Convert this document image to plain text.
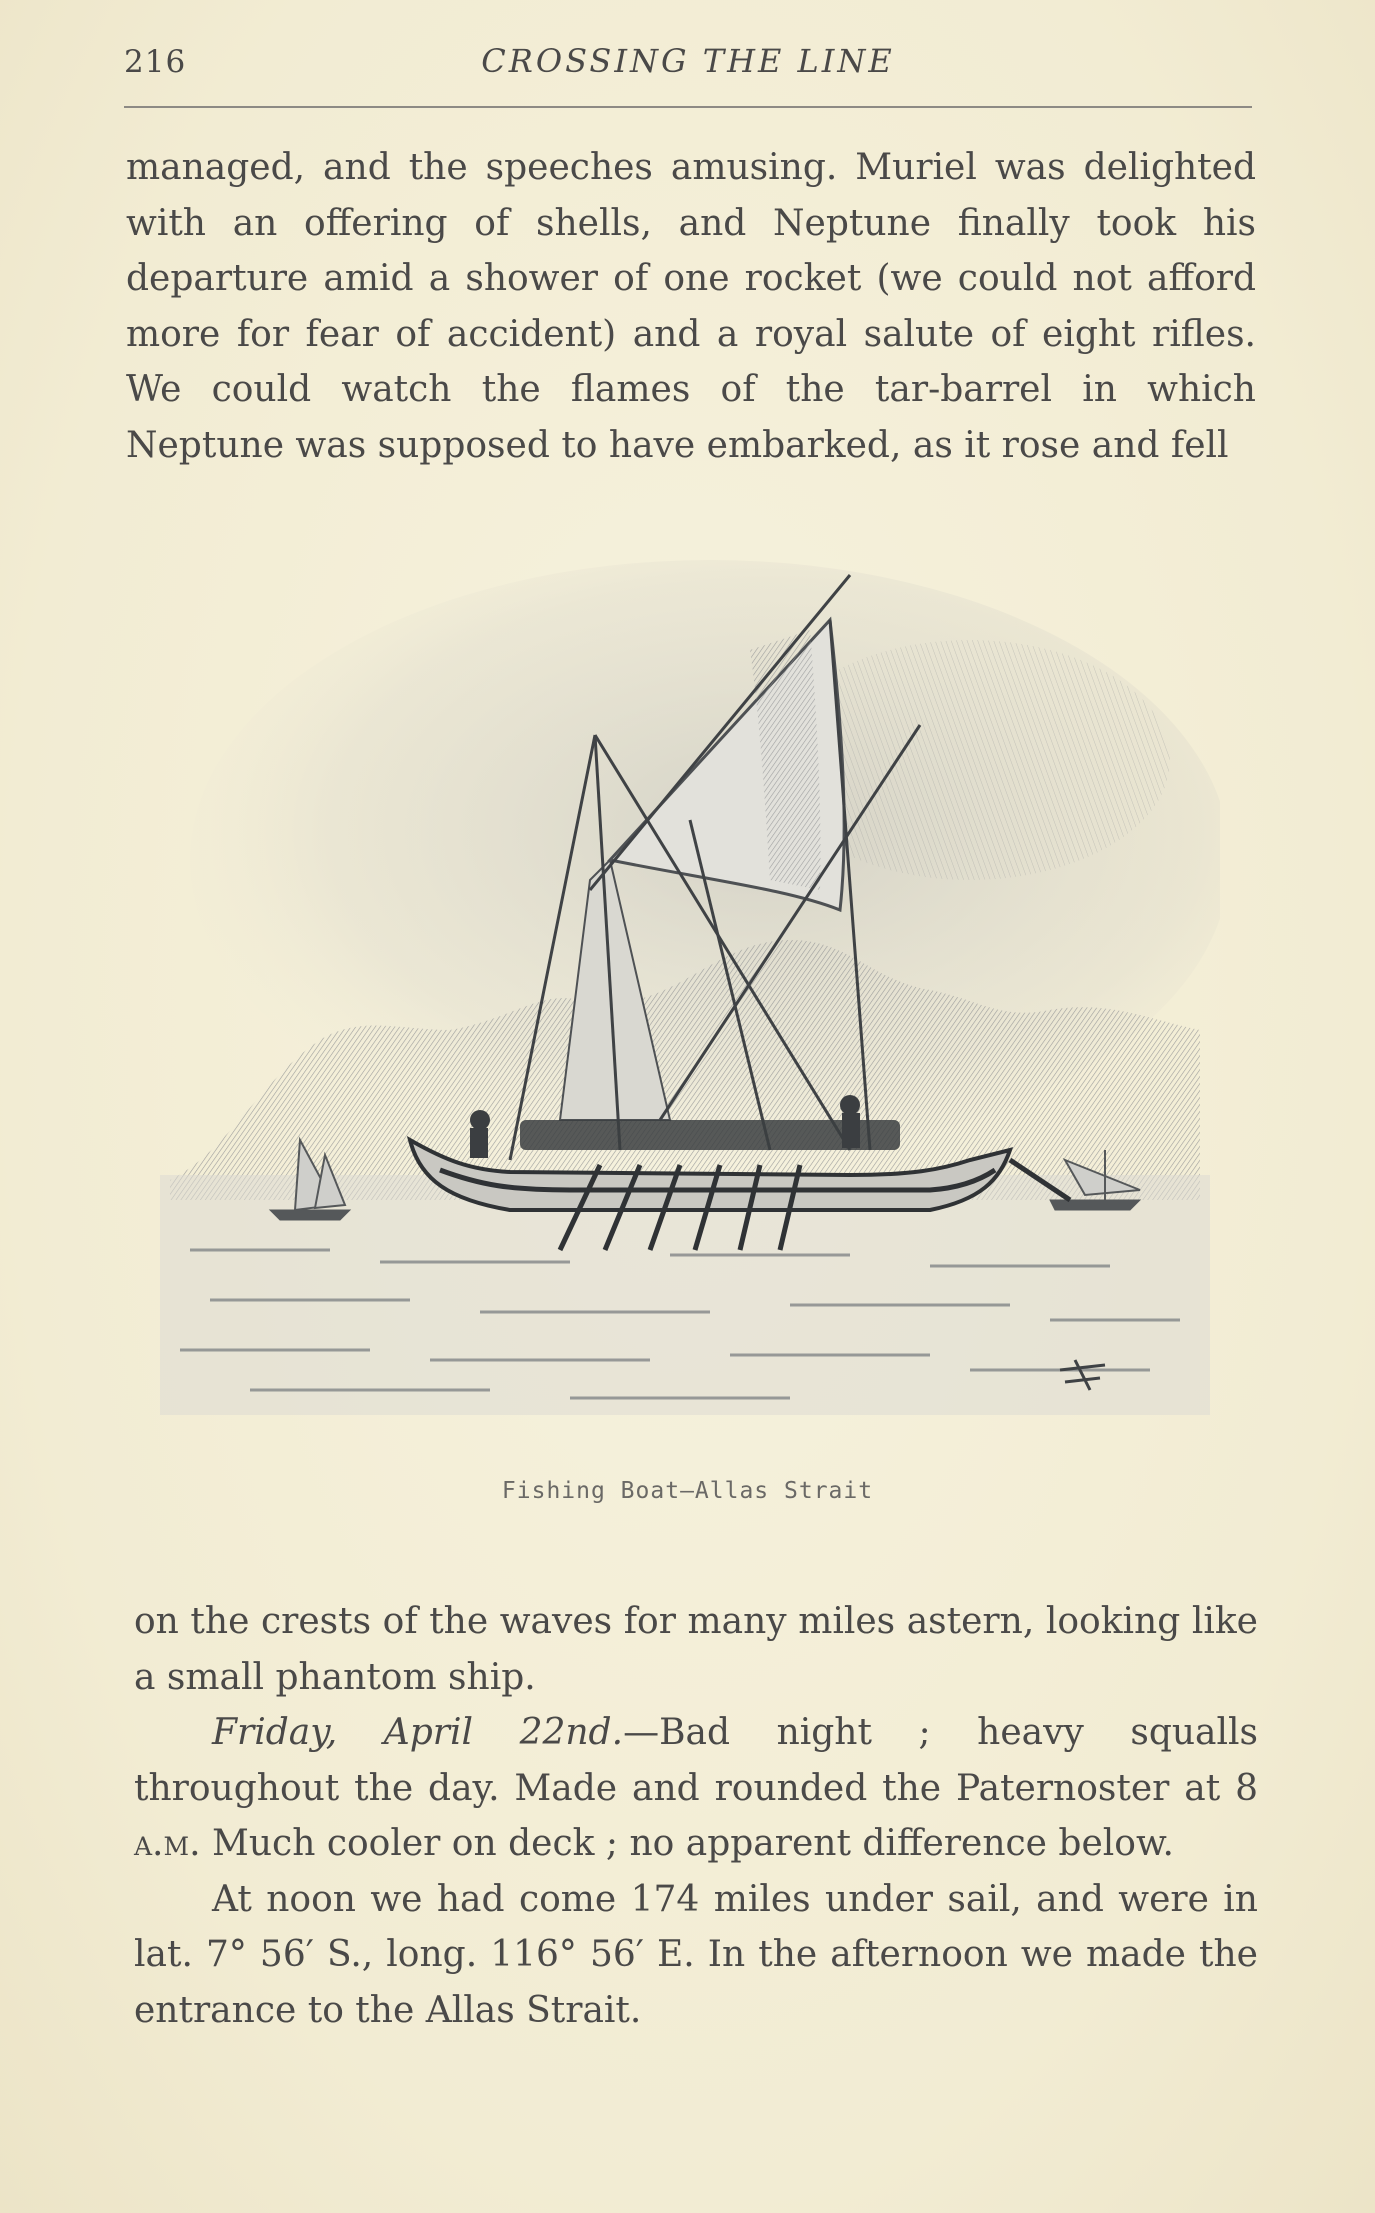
216	CROSSING THE LINE

managed, and the speeches amusing. Muriel was delighted with an offering of shells, and Neptune finally took his departure amid a shower of one rocket (we could not afford more for fear of accident) and a royal salute of eight rifles. We could watch the flames of the tar-barrel in which Neptune was supposed to have embarked, as it rose and fell

Fishing Boat—Allas Strait

on the crests of the waves for many miles astern, looking like a small phantom ship.

Friday, April 22nd.—Bad night ; heavy squalls throughout the day. Made and rounded the Paternoster at 8 a.m. Much cooler on deck ; no apparent difference below.

At noon we had come 174 miles under sail, and were in lat. 7° 56′ S., long. 116° 56′ E. In the afternoon we made the entrance to the Allas Strait.
